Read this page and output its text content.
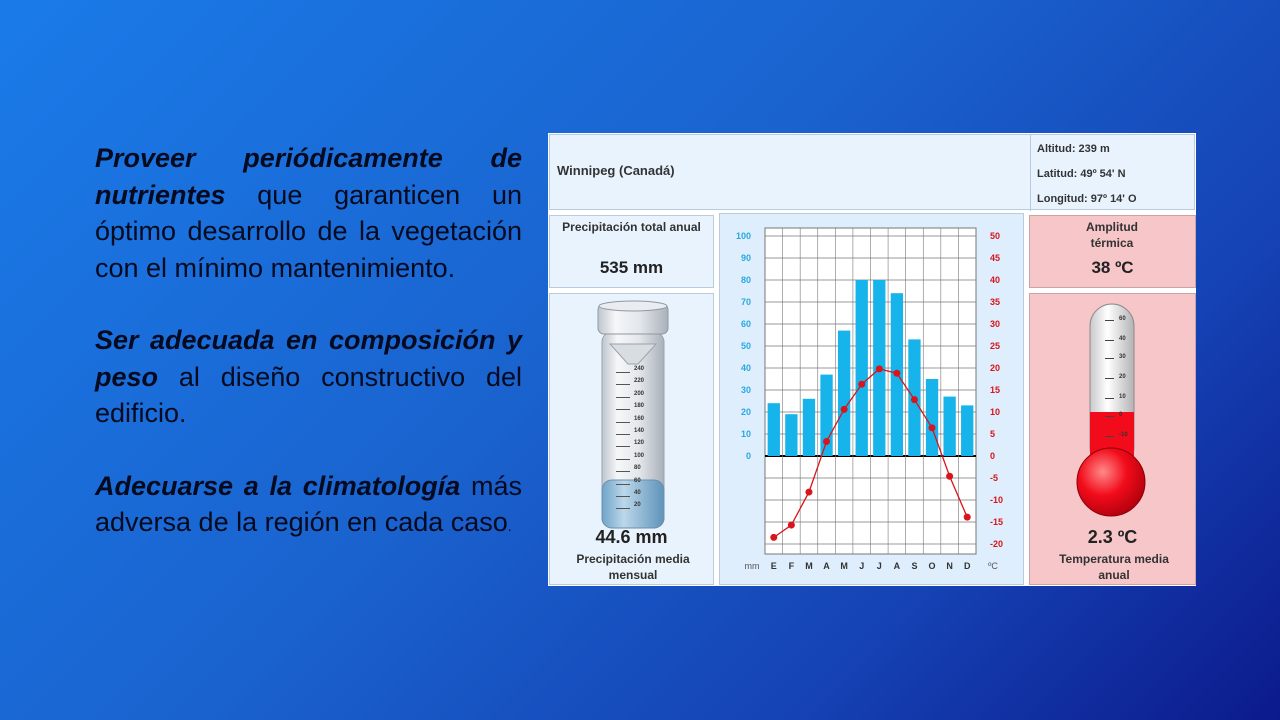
Proveer periódicamente de nutrientes que garanticen un óptimo desarrollo de la vegetación con el mínimo mantenimiento.

Ser adecuada en composición y peso al diseño constructivo del edificio.

Adecuarse a la climatología más adversa de la región en cada caso.

Winnipeg (Canadá)
Altitud: 239 m
Latitud: 49º 54' N
Longitud: 97º 14' O
Precipitación total anual
535 mm
240
220
200
180
160
140
120
100
80
60
40
20
44.6 mm
Precipitación media mensual
0
10
20
30
40
50
60
70
80
90
100
-20
-15
-10
-5
0
5
10
15
20
25
30
35
40
45
50
E F M A M J J A S O N D
mm	ºC
Amplitud térmica
38 ºC
60
40
30
20
10
0
-10
2.3 ºC
Temperatura media anual
